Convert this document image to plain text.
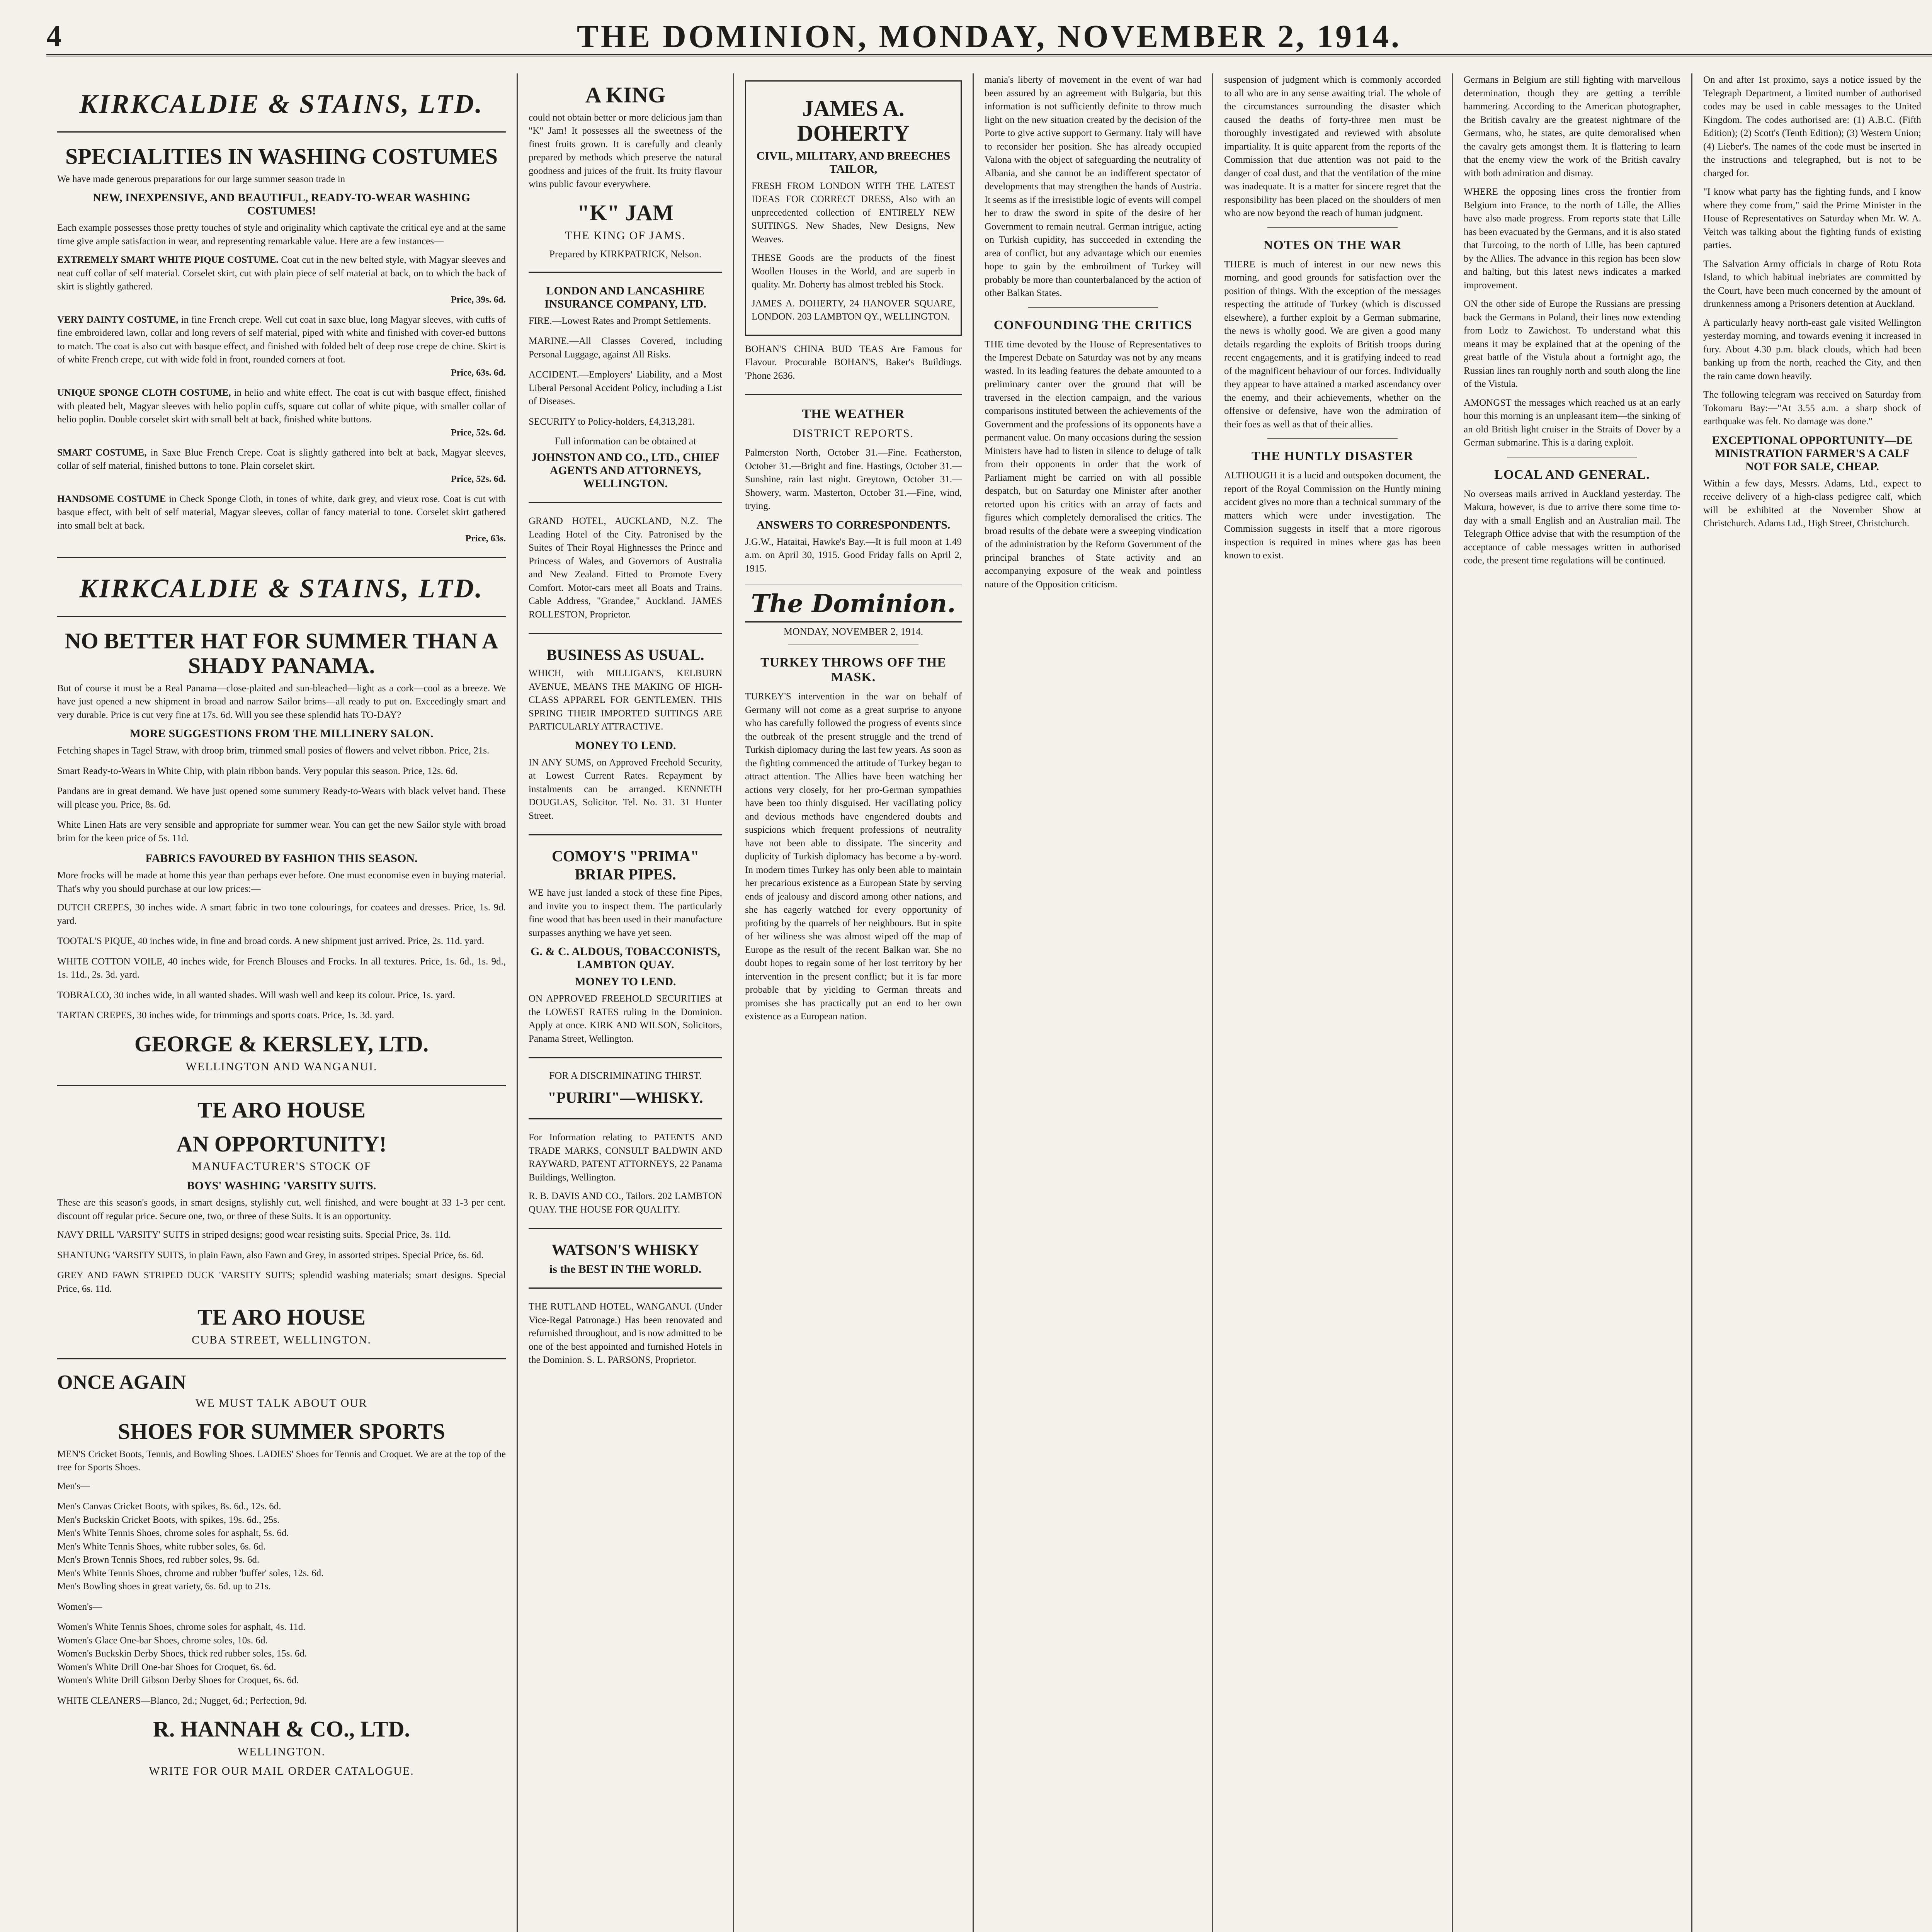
4	THE DOMINION, MONDAY, NOVEMBER 2, 1914.
KIRKCALDIE & STAINS, LTD.
SPECIALITIES IN WASHING COSTUMES

We have made generous preparations for our large summer season trade in

NEW, INEXPENSIVE, AND BEAUTIFUL, READY-TO-WEAR WASHING COSTUMES!

Each example possesses those pretty touches of style and originality which captivate the critical eye and at the same time give ample satisfaction in wear, and representing remarkable value. Here are a few instances—

EXTREMELY SMART WHITE PIQUE COSTUME. Coat cut in the new belted style, with Magyar sleeves and neat cuff collar of self material. Corselet skirt, cut with plain piece of self material at back, on to which the back of skirt is slightly gathered.
Price, 39s. 6d.
VERY DAINTY COSTUME, in fine French crepe. Well cut coat in saxe blue, long Magyar sleeves, with cuffs of fine embroidered lawn, collar and long revers of self material, piped with white and finished with cover-ed buttons to match. The coat is also cut with basque effect, and finished with folded belt of deep rose crepe de chine. Skirt is of white French crepe, cut with wide fold in front, rounded corners at foot.
Price, 63s. 6d.
UNIQUE SPONGE CLOTH COSTUME, in helio and white effect. The coat is cut with basque effect, finished with pleated belt, Magyar sleeves with helio poplin cuffs, square cut collar of white pique, with smaller collar of helio poplin. Double corselet skirt with small belt at back, finished white buttons.
Price, 52s. 6d.
SMART COSTUME, in Saxe Blue French Crepe. Coat is slightly gathered into belt at back, Magyar sleeves, collar of self material, finished buttons to tone. Plain corselet skirt.
Price, 52s. 6d.
HANDSOME COSTUME in Check Sponge Cloth, in tones of white, dark grey, and vieux rose. Coat is cut with basque effect, with belt of self material, Magyar sleeves, collar of fancy material to tone. Corselet skirt gathered into small belt at back.
Price, 63s.
KIRKCALDIE & STAINS, LTD.
NO BETTER HAT FOR SUMMER THAN A SHADY PANAMA.

But of course it must be a Real Panama—close-plaited and sun-bleached—light as a cork—cool as a breeze. We have just opened a new shipment in broad and narrow Sailor brims—all ready to put on. Exceedingly smart and very durable. Price is cut very fine at 17s. 6d. Will you see these splendid hats TO-DAY?

MORE SUGGESTIONS FROM THE MILLINERY SALON.

Fetching shapes in Tagel Straw, with droop brim, trimmed small posies of flowers and velvet ribbon. Price, 21s.

Smart Ready-to-Wears in White Chip, with plain ribbon bands. Very popular this season. Price, 12s. 6d.

Pandans are in great demand. We have just opened some summery Ready-to-Wears with black velvet band. These will please you. Price, 8s. 6d.

White Linen Hats are very sensible and appropriate for summer wear. You can get the new Sailor style with broad brim for the keen price of 5s. 11d.

FABRICS FAVOURED BY FASHION THIS SEASON.

More frocks will be made at home this year than perhaps ever before. One must economise even in buying material. That's why you should purchase at our low prices:—

DUTCH CREPES, 30 inches wide. A smart fabric in two tone colourings, for coatees and dresses. Price, 1s. 9d. yard.

TOOTAL'S PIQUE, 40 inches wide, in fine and broad cords. A new shipment just arrived. Price, 2s. 11d. yard.

WHITE COTTON VOILE, 40 inches wide, for French Blouses and Frocks. In all textures. Price, 1s. 6d., 1s. 9d., 1s. 11d., 2s. 3d. yard.

TOBRALCO, 30 inches wide, in all wanted shades. Will wash well and keep its colour. Price, 1s. yard.

TARTAN CREPES, 30 inches wide, for trimmings and sports coats. Price, 1s. 3d. yard.

GEORGE & KERSLEY, LTD.
WELLINGTON AND WANGANUI.
TE ARO HOUSE
AN OPPORTUNITY!
MANUFACTURER'S STOCK OF
BOYS' WASHING 'VARSITY SUITS.

These are this season's goods, in smart designs, stylishly cut, well finished, and were bought at 33 1-3 per cent. discount off regular price. Secure one, two, or three of these Suits. It is an opportunity.

NAVY DRILL 'VARSITY' SUITS in striped designs; good wear resisting suits. Special Price, 3s. 11d.

SHANTUNG 'VARSITY SUITS, in plain Fawn, also Fawn and Grey, in assorted stripes. Special Price, 6s. 6d.

GREY AND FAWN STRIPED DUCK 'VARSITY SUITS; splendid washing materials; smart designs. Special Price, 6s. 11d.

TE ARO HOUSE
CUBA STREET, WELLINGTON.
ONCE AGAIN
WE MUST TALK ABOUT OUR
SHOES FOR SUMMER SPORTS

MEN'S Cricket Boots, Tennis, and Bowling Shoes. LADIES' Shoes for Tennis and Croquet. We are at the top of the tree for Sports Shoes.

Men's—
Men's Canvas Cricket Boots, with spikes, 8s. 6d., 12s. 6d.
Men's Buckskin Cricket Boots, with spikes, 19s. 6d., 25s.
Men's White Tennis Shoes, chrome soles for asphalt, 5s. 6d.
Men's White Tennis Shoes, white rubber soles, 6s. 6d.
Men's Brown Tennis Shoes, red rubber soles, 9s. 6d.
Men's White Tennis Shoes, chrome and rubber 'buffer' soles, 12s. 6d.
Men's Bowling shoes in great variety, 6s. 6d. up to 21s.
Women's—
Women's White Tennis Shoes, chrome soles for asphalt, 4s. 11d.
Women's Glace One-bar Shoes, chrome soles, 10s. 6d.
Women's Buckskin Derby Shoes, thick red rubber soles, 15s. 6d.
Women's White Drill One-bar Shoes for Croquet, 6s. 6d.
Women's White Drill Gibson Derby Shoes for Croquet, 6s. 6d.

WHITE CLEANERS—Blanco, 2d.; Nugget, 6d.; Perfection, 9d.

R. HANNAH & CO., LTD.
WELLINGTON.
WRITE FOR OUR MAIL ORDER CATALOGUE.
A KING

could not obtain better or more delicious jam than "K" Jam! It possesses all the sweetness of the finest fruits grown. It is carefully and cleanly prepared by methods which preserve the natural goodness and juices of the fruit. Its fruity flavour wins public favour everywhere.

"K" JAM
THE KING OF JAMS.
Prepared by KIRKPATRICK, Nelson.
LONDON AND LANCASHIRE INSURANCE COMPANY, LTD.

FIRE.—Lowest Rates and Prompt Settlements.

MARINE.—All Classes Covered, including Personal Luggage, against All Risks.

ACCIDENT.—Employers' Liability, and a Most Liberal Personal Accident Policy, including a List of Diseases.

SECURITY to Policy-holders, £4,313,281.

Full information can be obtained at
JOHNSTON AND CO., LTD., CHIEF AGENTS AND ATTORNEYS, WELLINGTON.

GRAND HOTEL, AUCKLAND, N.Z. The Leading Hotel of the City. Patronised by the Suites of Their Royal Highnesses the Prince and Princess of Wales, and Governors of Australia and New Zealand. Fitted to Promote Every Comfort. Motor-cars meet all Boats and Trains. Cable Address, "Grandee," Auckland. JAMES ROLLESTON, Proprietor.

BUSINESS AS USUAL.

WHICH, with MILLIGAN'S, KELBURN AVENUE, MEANS THE MAKING OF HIGH-CLASS APPAREL FOR GENTLEMEN. THIS SPRING THEIR IMPORTED SUITINGS ARE PARTICULARLY ATTRACTIVE.

MONEY TO LEND.

IN ANY SUMS, on Approved Freehold Security, at Lowest Current Rates. Repayment by instalments can be arranged. KENNETH DOUGLAS, Solicitor. Tel. No. 31. 31 Hunter Street.

COMOY'S "PRIMA" BRIAR PIPES.

WE have just landed a stock of these fine Pipes, and invite you to inspect them. The particularly fine wood that has been used in their manufacture surpasses anything we have yet seen.

G. & C. ALDOUS, TOBACCONISTS, LAMBTON QUAY.
MONEY TO LEND.

ON APPROVED FREEHOLD SECURITIES at the LOWEST RATES ruling in the Dominion. Apply at once. KIRK AND WILSON, Solicitors, Panama Street, Wellington.

FOR A DISCRIMINATING THIRST.
"PURIRI"—WHISKY.

For Information relating to PATENTS AND TRADE MARKS, CONSULT BALDWIN AND RAYWARD, PATENT ATTORNEYS, 22 Panama Buildings, Wellington.

R. B. DAVIS AND CO., Tailors. 202 LAMBTON QUAY. THE HOUSE FOR QUALITY.

WATSON'S WHISKY
is the BEST IN THE WORLD.

THE RUTLAND HOTEL, WANGANUI. (Under Vice-Regal Patronage.) Has been renovated and refurnished throughout, and is now admitted to be one of the best appointed and furnished Hotels in the Dominion. S. L. PARSONS, Proprietor.

JAMES A. DOHERTY
CIVIL, MILITARY, AND BREECHES TAILOR,

FRESH FROM LONDON WITH THE LATEST IDEAS FOR CORRECT DRESS, Also with an unprecedented collection of ENTIRELY NEW SUITINGS. New Shades, New Designs, New Weaves.

THESE Goods are the products of the finest Woollen Houses in the World, and are superb in quality. Mr. Doherty has almost trebled his Stock.

JAMES A. DOHERTY, 24 HANOVER SQUARE, LONDON. 203 LAMBTON QY., WELLINGTON.

BOHAN'S CHINA BUD TEAS Are Famous for Flavour. Procurable BOHAN'S, Baker's Buildings. 'Phone 2636.

THE WEATHER
DISTRICT REPORTS.

Palmerston North, October 31.—Fine. Featherston, October 31.—Bright and fine. Hastings, October 31.—Sunshine, rain last night. Greytown, October 31.—Showery, warm. Masterton, October 31.—Fine, wind, trying.

ANSWERS TO CORRESPONDENTS.

J.G.W., Hataitai, Hawke's Bay.—It is full moon at 1.49 a.m. on April 30, 1915. Good Friday falls on April 2, 1915.

The Dominion.
MONDAY, NOVEMBER 2, 1914.
TURKEY THROWS OFF THE MASK.

TURKEY'S intervention in the war on behalf of Germany will not come as a great surprise to anyone who has carefully followed the progress of events since the outbreak of the present struggle and the trend of Turkish diplomacy during the last few years. As soon as the fighting commenced the attitude of Turkey began to attract attention. The Allies have been watching her actions very closely, for her pro-German sympathies have been too thinly disguised. Her vacillating policy and devious methods have engendered doubts and suspicions which frequent professions of neutrality have not been able to dissipate. The sincerity and duplicity of Turkish diplomacy has become a by-word. In modern times Turkey has only been able to maintain her precarious existence as a European State by serving ends of jealousy and discord among other nations, and she has eagerly watched for every opportunity of profiting by the quarrels of her neighbours. But in spite of her wiliness she was almost wiped off the map of Europe as the result of the recent Balkan war. She no doubt hopes to regain some of her lost territory by her intervention in the present conflict; but it is far more probable that by yielding to German threats and promises she has practically put an end to her own existence as a European nation.

mania's liberty of movement in the event of war had been assured by an agreement with Bulgaria, but this information is not sufficiently definite to throw much light on the new situation created by the decision of the Porte to give active support to Germany. Italy will have to reconsider her position. She has already occupied Valona with the object of safeguarding the neutrality of Albania, and she cannot be an indifferent spectator of developments that may strengthen the hands of Austria. It seems as if the irresistible logic of events will compel her to draw the sword in spite of the desire of her Government to remain neutral. German intrigue, acting on Turkish cupidity, has succeeded in extending the area of conflict, but any advantage which our enemies hope to gain by the embroilment of Turkey will probably be more than counterbalanced by the action of other Balkan States.

CONFOUNDING THE CRITICS

THE time devoted by the House of Representatives to the Imperest Debate on Saturday was not by any means wasted. In its leading features the debate amounted to a preliminary canter over the ground that will be traversed in the election campaign, and the various comparisons instituted between the achievements of the Government and the professions of its opponents have a permanent value. On many occasions during the session Ministers have had to listen in silence to deluge of talk from their opponents in order that the work of Parliament might be carried on with all possible despatch, but on Saturday one Minister after another retorted upon his critics with an array of facts and figures which completely demoralised the critics. The broad results of the debate were a sweeping vindication of the administration by the Reform Government of the principal branches of State activity and an accompanying exposure of the weak and pointless nature of the Opposition criticism.

suspension of judgment which is commonly accorded to all who are in any sense awaiting trial. The whole of the circumstances surrounding the disaster which caused the deaths of forty-three men must be thoroughly investigated and reviewed with absolute impartiality. It is quite apparent from the reports of the Commission that due attention was not paid to the danger of coal dust, and that the ventilation of the mine was inadequate. It is a matter for sincere regret that the responsibility has been placed on the shoulders of men who are now beyond the reach of human judgment.

NOTES ON THE WAR

THERE is much of interest in our new news this morning, and good grounds for satisfaction over the position of things. With the exception of the messages respecting the attitude of Turkey (which is discussed elsewhere), a further exploit by a German submarine, the news is wholly good. We are given a good many details regarding the exploits of British troops during recent engagements, and it is gratifying indeed to read of the magnificent behaviour of our forces. Individually they appear to have attained a marked ascendancy over the enemy, and their achievements, whether on the offensive or defensive, have won the admiration of their foes as well as that of their allies.

THE HUNTLY DISASTER

ALTHOUGH it is a lucid and outspoken document, the report of the Royal Commission on the Huntly mining accident gives no more than a technical summary of the matters which were under investigation. The Commission suggests in itself that a more rigorous inspection is required in mines where gas has been known to exist.

Germans in Belgium are still fighting with marvellous determination, though they are getting a terrible hammering. According to the American photographer, the British cavalry are the greatest nightmare of the Germans, who, he states, are quite demoralised when the cavalry gets amongst them. It is flattering to learn that the enemy view the work of the British cavalry with both admiration and dismay.

WHERE the opposing lines cross the frontier from Belgium into France, to the north of Lille, the Allies have also made progress. From reports state that Lille has been evacuated by the Germans, and it is also stated that Turcoing, to the north of Lille, has been captured by the Allies. The advance in this region has been slow and halting, but this latest news indicates a marked improvement.

ON the other side of Europe the Russians are pressing back the Germans in Poland, their lines now extending from Lodz to Zawichost. To understand what this means it may be explained that at the opening of the great battle of the Vistula about a fortnight ago, the Russian lines ran roughly north and south along the line of the Vistula.

AMONGST the messages which reached us at an early hour this morning is an unpleasant item—the sinking of an old British light cruiser in the Straits of Dover by a German submarine. This is a daring exploit.

LOCAL AND GENERAL.

No overseas mails arrived in Auckland yesterday. The Makura, however, is due to arrive there some time to-day with a small English and an Australian mail. The Telegraph Office advise that with the resumption of the acceptance of cable messages written in authorised code, the present time regulations will be continued.

On and after 1st proximo, says a notice issued by the Telegraph Department, a limited number of authorised codes may be used in cable messages to the United Kingdom. The codes authorised are: (1) A.B.C. (Fifth Edition); (2) Scott's (Tenth Edition); (3) Western Union; (4) Lieber's. The names of the code must be inserted in the instructions and telegraphed, but is not to be charged for.

"I know what party has the fighting funds, and I know where they come from," said the Prime Minister in the House of Representatives on Saturday when Mr. W. A. Veitch was talking about the fighting funds of existing parties.

The Salvation Army officials in charge of Rotu Rota Island, to which habitual inebriates are committed by the Court, have been much concerned by the amount of drunkenness among a Prisoners detention at Auckland.

A particularly heavy north-east gale visited Wellington yesterday morning, and towards evening it increased in fury. About 4.30 p.m. black clouds, which had been banking up from the north, reached the City, and then the rain came down heavily.

The following telegram was received on Saturday from Tokomaru Bay:—"At 3.55 a.m. a sharp shock of earthquake was felt. No damage was done."

EXCEPTIONAL OPPORTUNITY—DE MINISTRATION FARMER'S A CALF NOT FOR SALE, CHEAP.

Within a few days, Messrs. Adams, Ltd., expect to receive delivery of a high-class pedigree calf, which will be exhibited at the November Show at Christchurch. Adams Ltd., High Street, Christchurch.
